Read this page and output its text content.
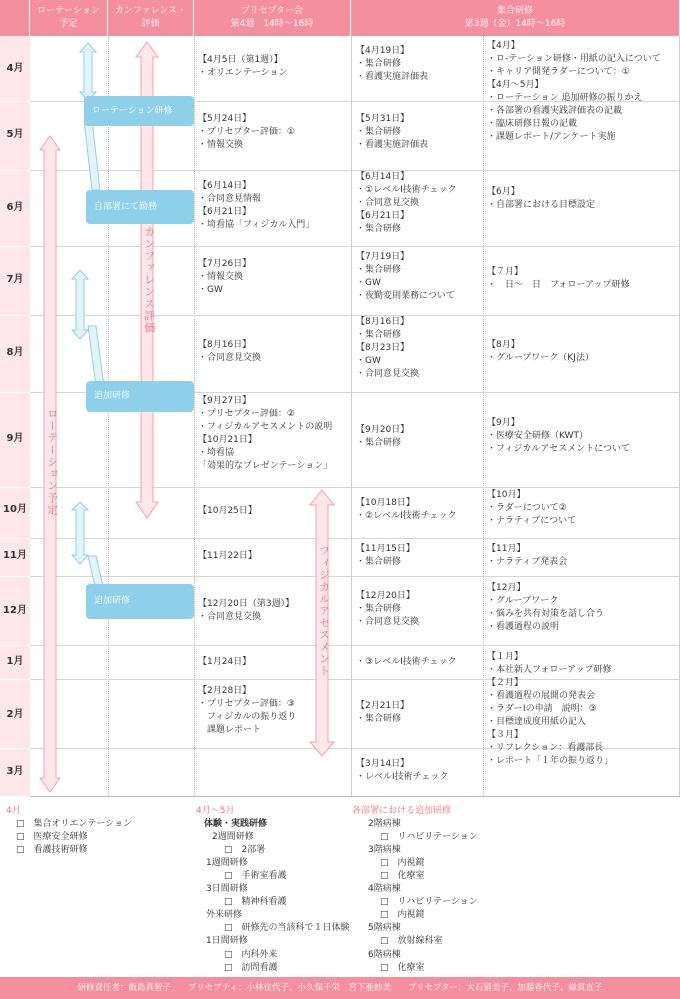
ローテーション
予定
カンファレンス・
評価
プリセプター会
第4週　14時～16時
集合研修
第3週（金）14時～16時
4月
5月
6月
7月
8月
9月
10月
11月
12月
1月
2月
3月
ローテーション研修
自部署にて勤務
追加研修
追加研修
カンファレンス評価
ローテーション予定
フィジカルアセスメント
【4月5日（第1週）】
・オリエンテーション
【5月24日】
・プリセプター評価：①
・情報交換
【6月14日】
・合同意見情報
【6月21日】
・埼看協「フィジカル入門」
【7月26日】
・情報交換
・GW
【8月16日】
・合同意見交換
【9月27日】
・プリセプター評価：②
・フィジカルアセスメントの説明
【10月21日】
・埼看協
「効果的なプレゼンテーション」
【10月25日】
【11月22日】
【12月20日（第3週）】
・合同意見交換
【1月24日】
【2月28日】
・プリセプター評価：③
　フィジカルの振り返り
　課題レポート
【4月19日】
・集合研修
・看護実施評価表
【5月31日】
・集合研修
・看護実施評価表
【6月14日】
・①レベルⅠ技術チェック
・合同意見交換
【6月21日】
・集合研修
【7月19日】
・集合研修
・GW
・夜勤変則業務について
【8月16日】
・集合研修
【8月23日】
・GW
・合同意見交換
【9月20日】
・集合研修
【10月18日】
・②レベルⅠ技術チェック
【11月15日】
・集合研修
【12月20日】
・集合研修
・合同意見交換
・③レベルⅠ技術チェック
【2月21日】
・集合研修
【3月14日】
・レベルⅠ技術チェック
【4月】
・ロ-テーション研修・用紙の記入について
・キャリア開発ラダーについて：①
【4月～5月】
・ローテーション 追加研修の振りかえ
・各部署の看護実践評価表の記載
・臨床研修日報の記載
・課題レポート/アンケート実施
【6月】
・自部署における目標設定
【７月】
・　日～　日　フォローアップ研修
【8月】
・グループワーク（KJ法）
【9月】
・医療安全研修（KWT）
・フィジカルアセスメントについて
【10月】
・ラダーについて②
・ナラティブについて
【11月】
・ナラティブ発表会
【12月】
・グループワーク
・悩みを共有対策を話し合う
・看護過程の説明
【１月】
・本社新人フォローアップ研修
【２月】
・看護過程の展開の発表会
・ラダーⅠの申請　説明：③
・目標達成度用紙の記入
【３月】
・リフレクション：看護部長
・レポート「１年の振り返り」
4月
□　集合オリエンテーション
□　医療安全研修
□　看護技術研修
4月～5月
体験・実践研修
2週間研修
□　2部署
1週間研修
□　手術室看護
3日間研修
□　精神科看護
外来研修
□　研修先の当該科で１日体験
1日間研修
□　内科外来
□　訪問看護
各部署における追加研修
2階病棟
□　リハビリテーション
3階病棟
□　内視鏡
□　化療室
4階病棟
□　リハビリテーション
□　内視鏡
5階病棟
□　放射線科室
6階病棟
□　化療室
研修責任者：飯島真智子　　プリセプティ：小林佳代子、小久保千栄　宮下亜紗美　　プリセプター：大石留美子、加藤香代子、緑貫直子
